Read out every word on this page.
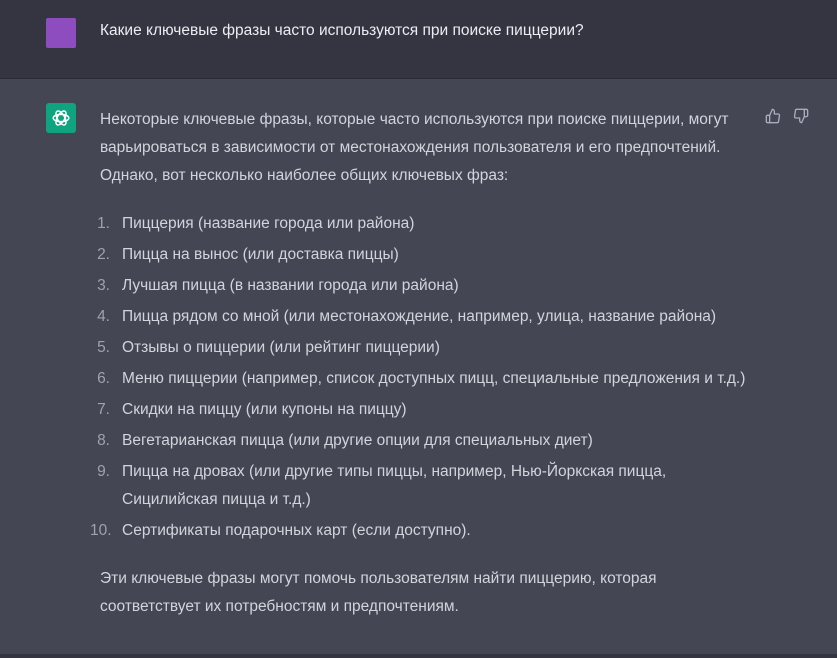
Какие ключевые фразы часто используются при поиске пиццерии?

Некоторые ключевые фразы, которые часто используются при поиске пиццерии, могут варьироваться в зависимости от местонахождения пользователя и его предпочтений. Однако, вот несколько наиболее общих ключевых фраз:

1. Пиццерия (название города или района)
2. Пицца на вынос (или доставка пиццы)
3. Лучшая пицца (в названии города или района)
4. Пицца рядом со мной (или местонахождение, например, улица, название района)
5. Отзывы о пиццерии (или рейтинг пиццерии)
6. Меню пиццерии (например, список доступных пицц, специальные предложения и т.д.)
7. Скидки на пиццу (или купоны на пиццу)
8. Вегетарианская пицца (или другие опции для специальных диет)
9. Пицца на дровах (или другие типы пиццы, например, Нью-Йоркская пицца, Сицилийская пицца и т.д.)
10. Сертификаты подарочных карт (если доступно).

Эти ключевые фразы могут помочь пользователям найти пиццерию, которая соответствует их потребностям и предпочтениям.
